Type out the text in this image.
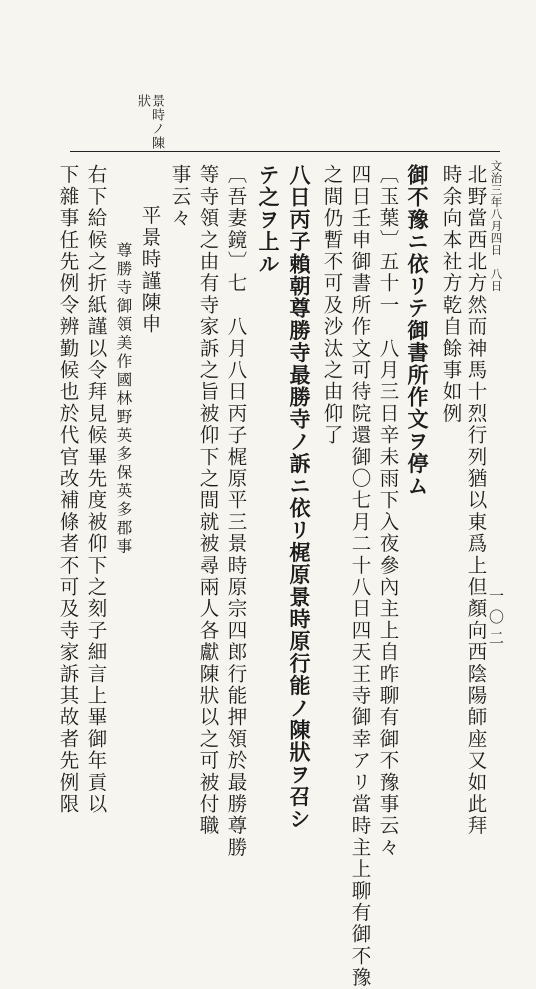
景時ノ陳
狀
一〇二
文治三年八月四日　八日
北野當西北方然而神馬十烈行列猶以東爲上但顏向西陰陽師座又如此拜
時余向本社方乾自餘事如例
御不豫ニ依リテ御書所作文ヲ停ム
〔玉葉〕五十一　八月三日辛未雨下入夜參內主上自昨聊有御不豫事云々
四日壬申御書所作文可待院還御〇七月二十八日四天王寺御幸アリ當時主上聊有御不豫
之間仍暫不可及沙汰之由仰了
八日丙子賴朝尊勝寺最勝寺ノ訴ニ依リ梶原景時原行能ノ陳狀ヲ召シ
テ之ヲ上ル
〔吾妻鏡〕七　八月八日丙子梶原平三景時原宗四郎行能押領於最勝尊勝
等寺領之由有寺家訴之旨被仰下之間就被尋兩人各獻陳狀以之可被付職
事云々
平景時謹陳申
尊勝寺御領美作國林野英多保英多郡事
右下給候之折紙謹以令拜見候畢先度被仰下之刻子細言上畢御年貢以
下雜事任先例令辨勤候也於代官改補條者不可及寺家訴其故者先例限
